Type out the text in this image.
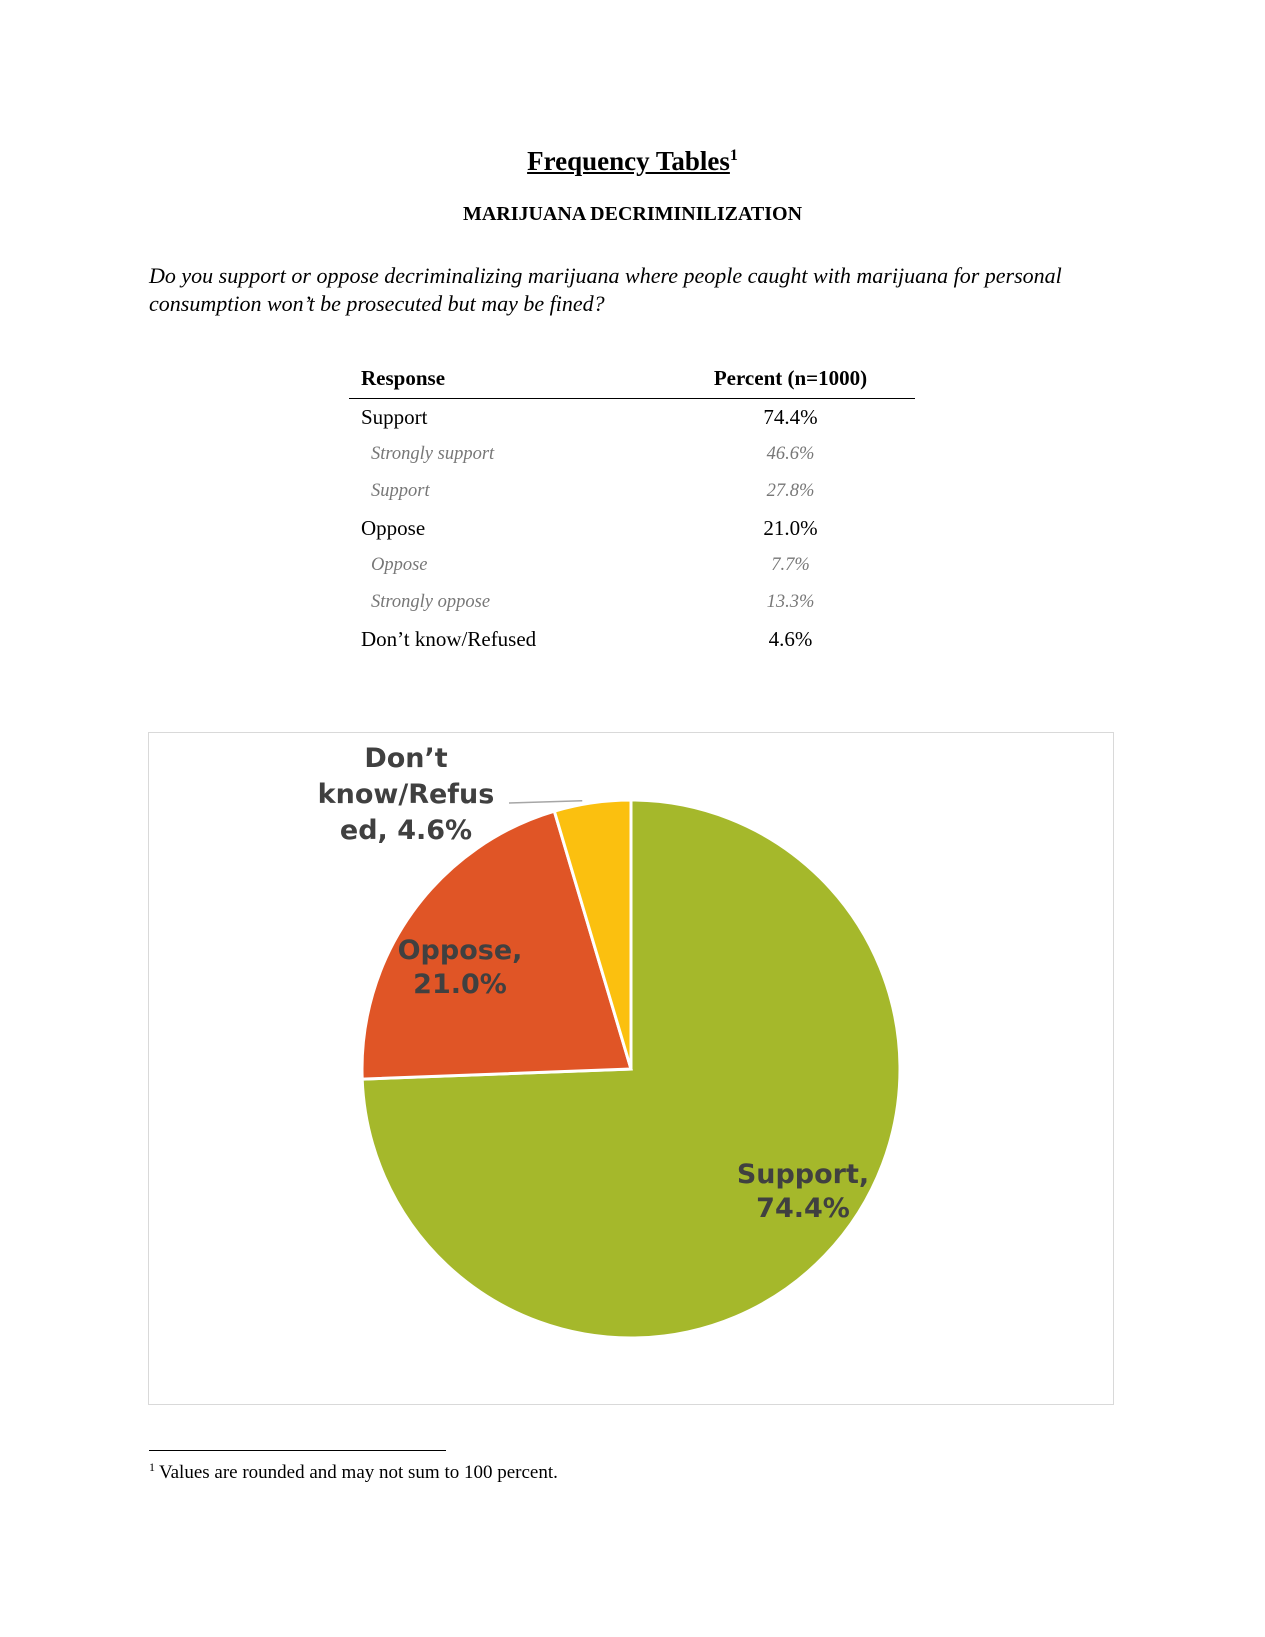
Frequency Tables$^1$
MARIJUANA DECRIMINILIZATION
Do you support or oppose decriminalizing marijuana where people caught with marijuana for personal consumption won’t be prosecuted but may be fined?
Response	Percent (n=1000)
Support	74.4%
Strongly support	46.6%
Support	27.8%
Oppose	21.0%
Oppose	7.7%
Strongly oppose	13.3%
Don’t know/Refused	4.6%
Support, 74.4%
Oppose, 21.0%
Don’t know/Refus ed, 4.6%
$^1$ Values are rounded and may not sum to 100 percent.
